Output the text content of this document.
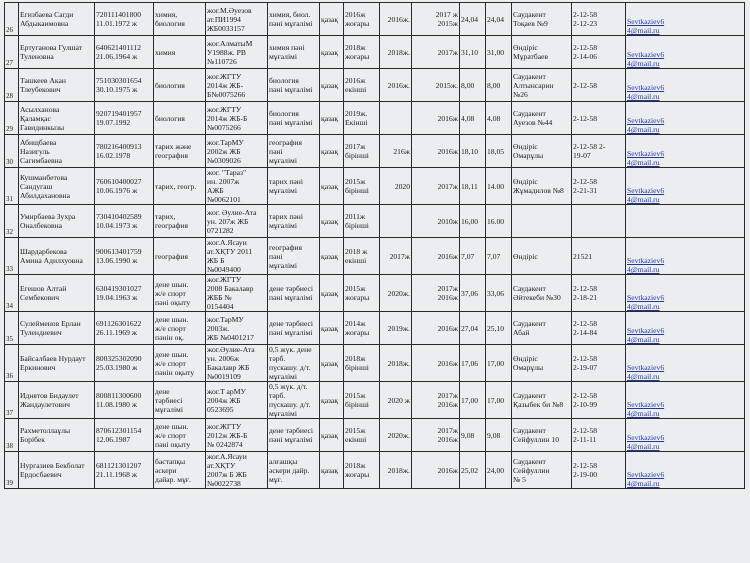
26	Егизбаева Сагди
Абдыкаимовна	720111401800
11.01.1972 ж	химия,
биология	жог.М.Әуезов
ат.ПИ1994
ЖБ0033157	химия, биол.
пәні мұғалімі	қазақ	2016ж
жоғары	2016ж.	2017 ж
2015ж	24,04	24,04	Саудакент
Тоқаев №9	2-12-58
2-12-23	Sevtkaziev6
4@mail.ru
27	Ертуганова Гулшат
Туленовна	640621401112
21.06.1964 ж	химия	жог.АлматыМ
У1988ж. РВ
№110726	химия пәні
мұғалімі	қазақ	2018ж
жоғары	2018ж.	2017ж	31,10	31,00	Өндіріс
Мұратбаев	2-12-58
2-14-06	Sevtkaziev6
4@mail.ru
28	Ташкеев Акан
Тлеубекович	751030301654
30.10.1975 ж	биология	жог.ЖГТУ
2014ж ЖБ-
Б№0075266	биология
пәні мұғалімі	қазақ	2016ж
екінші	2016ж.	2015ж.	8,00	8,00	Саудакент
Алтынсарин
№26	2-12-58	Sevtkaziev6
4@mail.ru
29	Асылханова
Қаламқас
Гавидинкызы	920719401957
19.07.1992	биология	жог.ЖГТУ
2014ж ЖБ-Б
№0075266	биология
пәні мұғалімі	қазақ	2019ж.
Екінші		2016ж	4,08	4,08	Саудакент
Ауезов №44	2-12-58	Sevtkaziev6
4@mail.ru
30	Абищбаева
Назигуль
Сагимбаевна	780216400913
16.02.1978	тарих және
география	жог.ТарМУ
2002ж ЖБ
№0309026	география
пәні
мұғалімі	қазақ	2017ж
бірінші	216ж	2016ж	18,10	18,05	Өндіріс
Омарұлы	2-12-58 2-
19-07	Sevtkaziev6
4@mail.ru
31	Кушманбетова
Сандугаш
Абилдахановна	760610400027
10.06.1976 ж	тарих, геогр.	жог. "Тараз"
ин. 2007ж
АЖБ
№0062101	тарих пәні
мұғалімі	қазақ	2015ж
бірінші	2020	2017ж	18,11	14.00	Өндіріс
Жұмадилов №8	2-12-58
2-21-31	Sevtkaziev6
4@mail.ru
32	Умирбаева Зухра
Оналбековна	730410402589
10.04.1973 ж	тарих,
география	жог. Әулие-Ата
ун. 207ж ЖБ
0721282	тарих пәні
мұғалімі	қазақ	2011ж
бірінші		2010ж	16,00	16.00			
33	Шардарбекова
Амина Адилхуовна	900613401759
13.06.1990 ж	география	жог.А.Ясауи
ат.ХҚТУ 2011
ЖБ Б
№0049400	география
пәні
мұғалімі	қазақ	2018 ж
екінші	2017ж	2016ж	7,07	7,07	Өндіріс	21521	Sevtkaziev6
4@mail.ru
34	Егешов Алтай
Сембекович	630419301027
19.04.1963 ж	дене шын.
ж/е спорт
пәні оқыту	жог.ЖГТУ
2008 Бакалавр
ЖББ №
0154404	дене тәрбиесі
пәні мұғалімі	қазақ	2015ж
жоғары	2020ж.	2017ж
2016ж	37,06	33,06	Саудакент
Әйтекеби №30	2-12-58
2-18-21	Sevtkaziev6
4@mail.ru
35	Сулейменов Ерлан
Тулендиевич	691126301622
26.11.1969 ж	дене шын.
ж/е спорт
пәнін оқ.	жог.ТарМУ
2003ж.
ЖБ №0401217	дене тәрбиесі
пәні мұғалімі	қазақ	2014ж
жоғары	2019ж.	2016ж	27,04	25,10	Саудакент
Абай	2-12-58
2-14-84	Sevtkaziev6
4@mail.ru
36	Байсалбаев Нурдаут
Еркинович	800325302090
25.03.1980 ж	дене шын.
ж/е спорт
пәнін оқыту	жог.Әулие-Ата
ун. 2006ж
Бакалавр ЖБ
№0019109	0,5 жүк. дене
тәрб.
пүскашу. д/т.
мұғалімі	қазақ	2018ж
бірінші	2018ж.	2016ж	17,06	17,00	Өндіріс
Омарұлы	2-12-58
2-19-07	Sevtkaziev6
4@mail.ru
37	Иднятов Бидаулет
Жандаулетович	800811300600
11.08.1980 ж	дене
тәрбиесі
мұғалімі	жог.Т арМУ
2004ж ЖБ
0523695	0,5 жүк. д/т.
тәрб.
пүскашу. д/т.
мұғалімі	қазақ	2015ж
бірінші	2020 ж	2017ж
2016ж	17,00	17,00	Саудакент
Қазыбек би №8	2-12-58
2-10-99	Sevtkaziev6
4@mail.ru
38	Рахметоллаұлы
Борібек	870612301154
12.06.1987	дене шын.
ж/е спорт
пәні оқыту	жог.ЖГТУ
2012ж ЖБ-Б
№ 0242874	дене тәрбиесі
пәні мұғалімі	қазақ	2015ж
екінші	2020ж.	2017ж
2016ж	9,08	9,08	Саудакент
Сейфуллин 10	2-12-58
2-11-11	Sevtkaziev6
4@mail.ru
39	Нургазиев Бекболат
Ердосбаевич	681121301207
21.11.1968 ж	бастапқы
әскери
дайар. мұғ.	жог.А.Ясауи
ат.ХҚТУ
2007ж Б ЖБ
№0022738	алғашқы
әскери дайр.
мұғ.	қазақ	2018ж
жоғары	2018ж.	2016ж	25,02	24,00	Саудакент
Сейфуллин
№ 5	2-12-58
2-19-00	Sevtkaziev6
4@mail.ru
